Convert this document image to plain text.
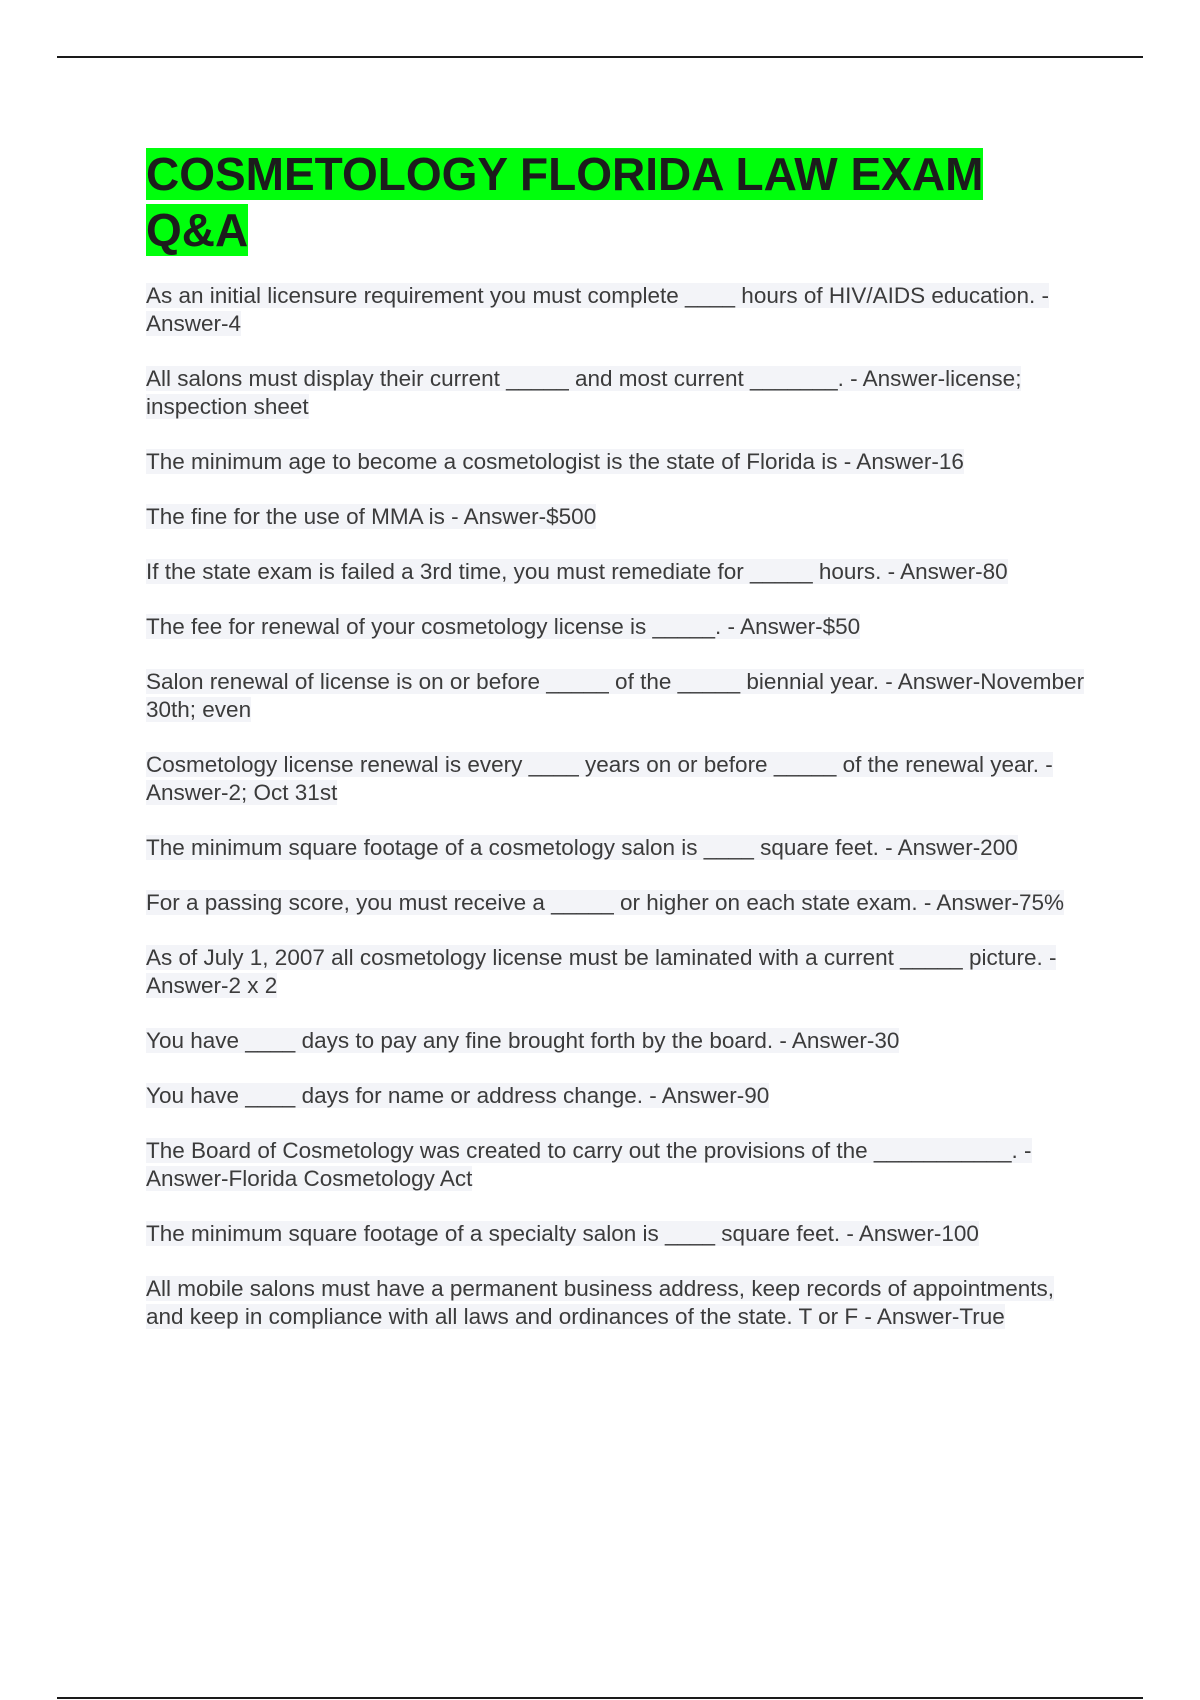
COSMETOLOGY FLORIDA LAW EXAM Q&A
As an initial licensure requirement you must complete ____ hours of HIV/AIDS education. - Answer-4
All salons must display their current _____ and most current _______. - Answer-license; inspection sheet
The minimum age to become a cosmetologist is the state of Florida is - Answer-16
The fine for the use of MMA is - Answer-$500
If the state exam is failed a 3rd time, you must remediate for _____ hours. - Answer-80
The fee for renewal of your cosmetology license is _____. - Answer-$50
Salon renewal of license is on or before _____ of the _____ biennial year. - Answer-November 30th; even
Cosmetology license renewal is every ____ years on or before _____ of the renewal year. - Answer-2; Oct 31st
The minimum square footage of a cosmetology salon is ____ square feet. - Answer-200
For a passing score, you must receive a _____ or higher on each state exam. - Answer-75%
As of July 1, 2007 all cosmetology license must be laminated with a current _____ picture. - Answer-2 x 2
You have ____ days to pay any fine brought forth by the board. - Answer-30
You have ____ days for name or address change. - Answer-90
The Board of Cosmetology was created to carry out the provisions of the ___________. - Answer-Florida Cosmetology Act
The minimum square footage of a specialty salon is ____ square feet. - Answer-100
All mobile salons must have a permanent business address, keep records of appointments, and keep in compliance with all laws and ordinances of the state. T or F - Answer-True
